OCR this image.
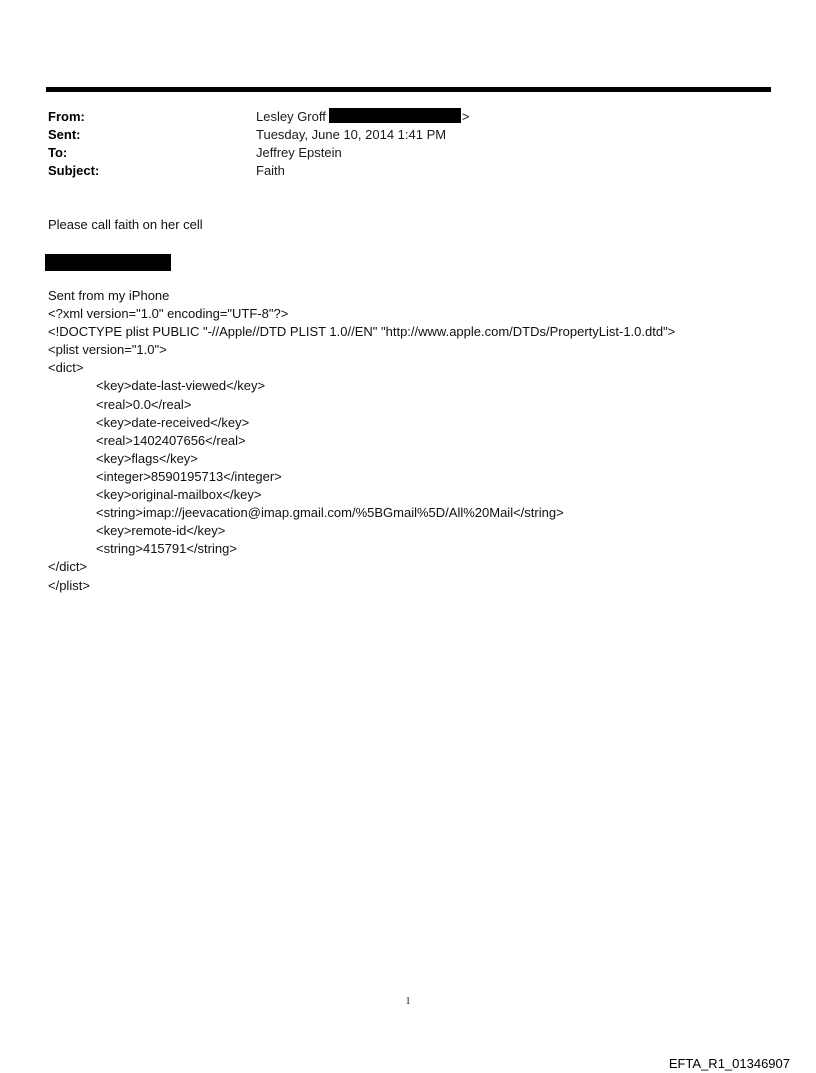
From:	Lesley Groff	>
Sent:	Tuesday, June 10, 2014 1:41 PM
To:	Jeffrey Epstein
Subject:	Faith
Please call faith on her cell
Sent from my iPhone
<?xml version="1.0" encoding="UTF-8"?>
<!DOCTYPE plist PUBLIC "-//Apple//DTD PLIST 1.0//EN" "http://www.apple.com/DTDs/PropertyList-1.0.dtd">
<plist version="1.0">
<dict>
<key>date-last-viewed</key>
<real>0.0</real>
<key>date-received</key>
<real>1402407656</real>
<key>flags</key>
<integer>8590195713</integer>
<key>original-mailbox</key>
<string>imap://jeevacation@imap.gmail.com/%5BGmail%5D/All%20Mail</string>
<key>remote-id</key>
<string>415791</string>
</dict>
</plist>
1
EFTA_R1_01346907
